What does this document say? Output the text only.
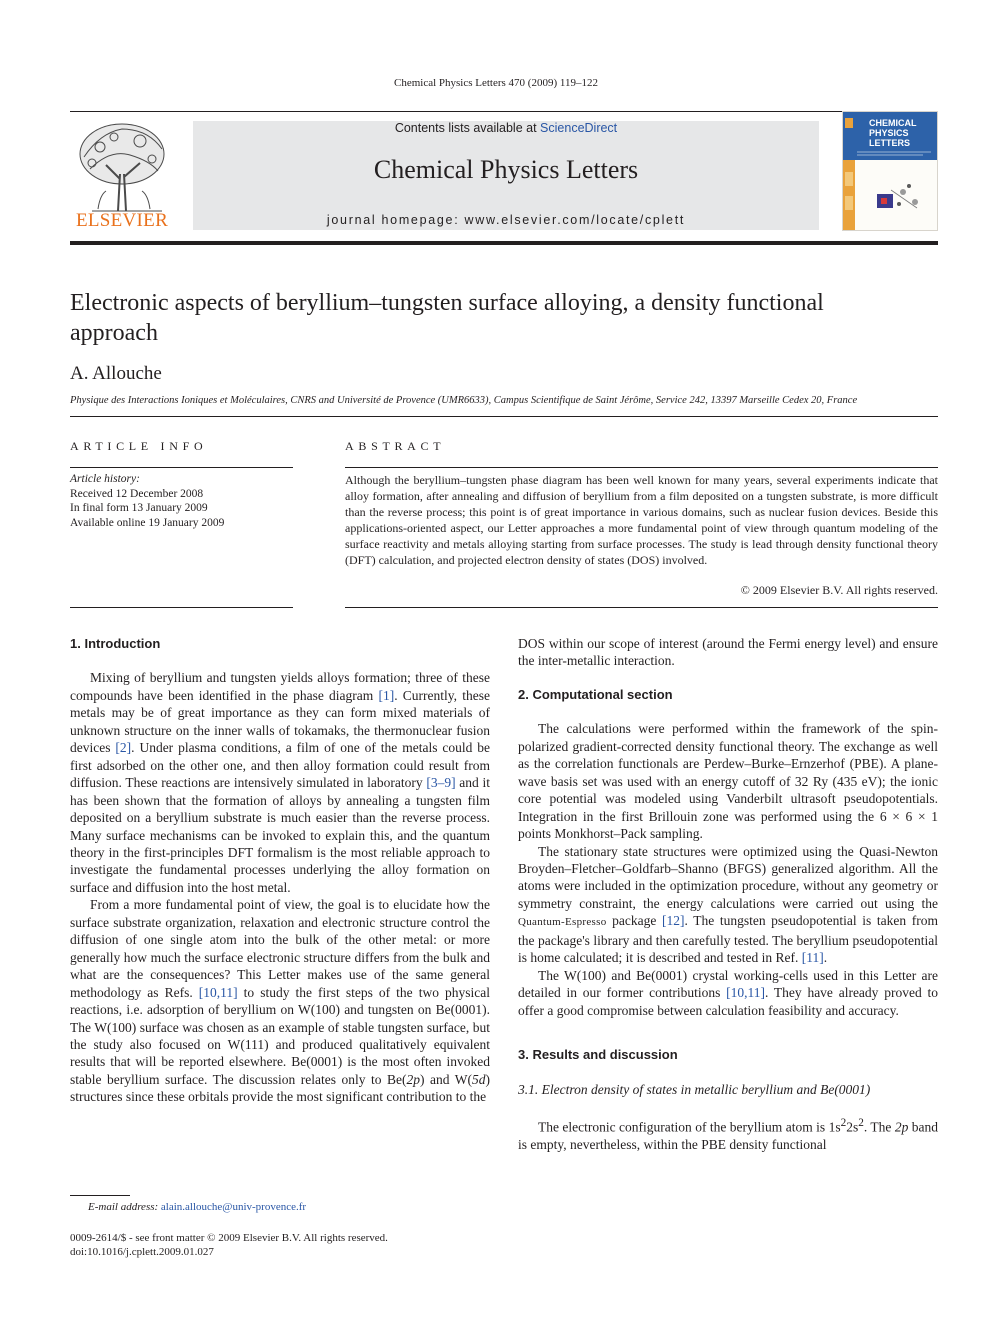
Chemical Physics Letters 470 (2009) 119–122
ELSEVIER
Contents lists available at ScienceDirect
Chemical Physics Letters
journal homepage: www.elsevier.com/locate/cplett
CHEMICAL
PHYSICS
LETTERS
Electronic aspects of beryllium–tungsten surface alloying, a density functional approach
A. Allouche
Physique des Interactions Ioniques et Moléculaires, CNRS and Université de Provence (UMR6633), Campus Scientifique de Saint Jérôme, Service 242, 13397 Marseille Cedex 20, France
ARTICLE INFO	ABSTRACT
Article history:
Received 12 December 2008
In final form 13 January 2009
Available online 19 January 2009
Although the beryllium–tungsten phase diagram has been well known for many years, several experiments indicate that alloy formation, after annealing and diffusion of beryllium from a film deposited on a tungsten substrate, is more difficult than the reverse process; this point is of great importance in various domains, such as nuclear fusion devices. Beside this applications-oriented aspect, our Letter approaches a more fundamental point of view through quantum modeling of the surface reactivity and metals alloying starting from surface processes. The study is lead through density functional theory (DFT) calculation, and projected electron density of states (DOS) involved.
© 2009 Elsevier B.V. All rights reserved.
1. Introduction

Mixing of beryllium and tungsten yields alloys formation; three of these compounds have been identified in the phase diagram [1]. Currently, these metals may be of great importance as they can form mixed materials of unknown structure on the inner walls of tokamaks, the thermonuclear fusion devices [2]. Under plasma conditions, a film of one of the metals could be first adsorbed on the other one, and then alloy formation could result from diffusion. These reactions are intensively simulated in laboratory [3–9] and it has been shown that the formation of alloys by annealing a tungsten film deposited on a beryllium substrate is much easier than the reverse process. Many surface mechanisms can be invoked to explain this, and the quantum theory in the first-principles DFT formalism is the most reliable approach to investigate the fundamental processes underlying the alloy formation on surface and diffusion into the host metal.

From a more fundamental point of view, the goal is to elucidate how the surface substrate organization, relaxation and electronic structure control the diffusion of one single atom into the bulk of the other metal: or more generally how much the surface electronic structure differs from the bulk and what are the consequences? This Letter makes use of the same general methodology as Refs. [10,11] to study the first steps of the two physical reactions, i.e. adsorption of beryllium on W(100) and tungsten on Be(0001). The W(100) surface was chosen as an example of stable tungsten surface, but the study also focused on W(111) and produced qualitatively equivalent results that will be reported elsewhere. Be(0001) is the most often invoked stable beryllium surface. The discussion relates only to Be(2p) and W(5d) structures since these orbitals provide the most significant contribution to the

DOS within our scope of interest (around the Fermi energy level) and ensure the inter-metallic interaction.

2. Computational section

The calculations were performed within the framework of the spin-polarized gradient-corrected density functional theory. The exchange as well as the correlation functionals are Perdew–Burke–Ernzerhof (PBE). A plane-wave basis set was used with an energy cutoff of 32 Ry (435 eV); the ionic core potential was modeled using Vanderbilt ultrasoft pseudopotentials. Integration in the first Brillouin zone was performed using the 6 × 6 × 1 points Monkhorst–Pack sampling.

The stationary state structures were optimized using the Quasi-Newton Broyden–Fletcher–Goldfarb–Shanno (BFGS) generalized algorithm. All the atoms were included in the optimization procedure, without any geometry or symmetry constraint, the energy calculations were carried out using the Quantum-Espresso package [12]. The tungsten pseudopotential is taken from the package's library and then carefully tested. The beryllium pseudopotential is home calculated; it is described and tested in Ref. [11].

The W(100) and Be(0001) crystal working-cells used in this Letter are detailed in our former contributions [10,11]. They have already proved to offer a good compromise between calculation feasibility and accuracy.

3. Results and discussion
3.1. Electron density of states in metallic beryllium and Be(0001)

The electronic configuration of the beryllium atom is $1s^22s^2$. The 2p band is empty, nevertheless, within the PBE density functional

E-mail address: alain.allouche@univ-provence.fr
0009-2614/$ - see front matter © 2009 Elsevier B.V. All rights reserved.
doi:10.1016/j.cplett.2009.01.027
